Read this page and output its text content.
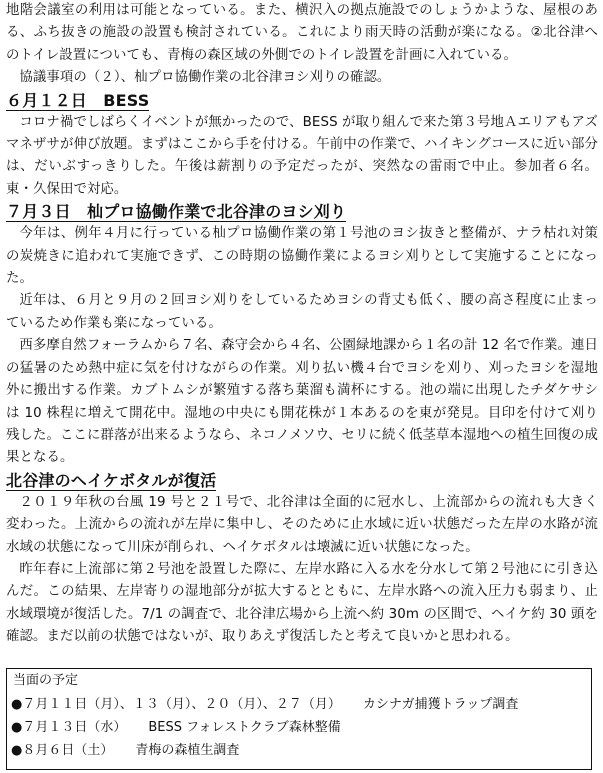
地階会議室の利用は可能となっている。また、横沢入の拠点施設でのしょうかような、屋根のある、ふち抜きの施設の設置も検討されている。これにより雨天時の活動が楽になる。②北谷津へのトイレ設置についても、青梅の森区域の外側でのトイレ設置を計画に入れている。

協議事項の（２）、杣プロ協働作業の北谷津ヨシ刈りの確認。

６月１２日　BESS

コロナ禍でしばらくイベントが無かったので、BESS が取り組んで来た第３号地Ａエリアもアズマネザサが伸び放題。まずはここから手を付ける。午前中の作業で、ハイキングコースに近い部分は、だいぶすっきりした。午後は薪割りの予定だったが、突然なの雷雨で中止。参加者６名。東・久保田で対応。

７月３日　杣プロ協働作業で北谷津のヨシ刈り

今年は、例年４月に行っている杣プロ協働作業の第１号池のヨシ抜きと整備が、ナラ枯れ対策の炭焼きに追われて実施できず、この時期の協働作業によるヨシ刈りとして実施することになった。

近年は、６月と９月の２回ヨシ刈りをしているためヨシの背丈も低く、腰の高さ程度に止まっているため作業も楽になっている。

西多摩自然フォーラムから７名、森守会から４名、公園緑地課から１名の計 12 名で作業。連日の猛暑のため熱中症に気を付けながらの作業。刈り払い機４台でヨシを刈り、刈ったヨシを湿地外に搬出する作業。カブトムシが繁殖する落ち葉溜も満杯にする。池の端に出現したチダケサシは 10 株程に増えて開花中。湿地の中央にも開花株が１本あるのを東が発見。目印を付けて刈り残した。ここに群落が出来るようなら、ネコノメソウ、セリに続く低茎草本湿地への植生回復の成果となる。

北谷津のヘイケボタルが復活

２０１９年秋の台風 19 号と２１号で、北谷津は全面的に冠水し、上流部からの流れも大きく変わった。上流からの流れが左岸に集中し、そのために止水域に近い状態だった左岸の水路が流水域の状態になって川床が削られ、ヘイケボタルは壊滅に近い状態になった。

昨年春に上流部に第２号池を設置した際に、左岸水路に入る水を分水して第２号池にに引き込んだ。この結果、左岸寄りの湿地部分が拡大するとともに、左岸水路への流入圧力も弱まり、止水域環境が復活した。7/1 の調査で、北谷津広場から上流へ約 30m の区間で、ヘイケ約 30 頭を確認。まだ以前の状態ではないが、取りあえず復活したと考えて良いかと思われる。

当面の予定

●７月１１日（月）、１３（月）、２０（月）、２７（月） カシナガ捕獲トラップ調査

●７月１３日（水） BESS フォレストクラブ森林整備

●８月６日（土） 青梅の森植生調査
